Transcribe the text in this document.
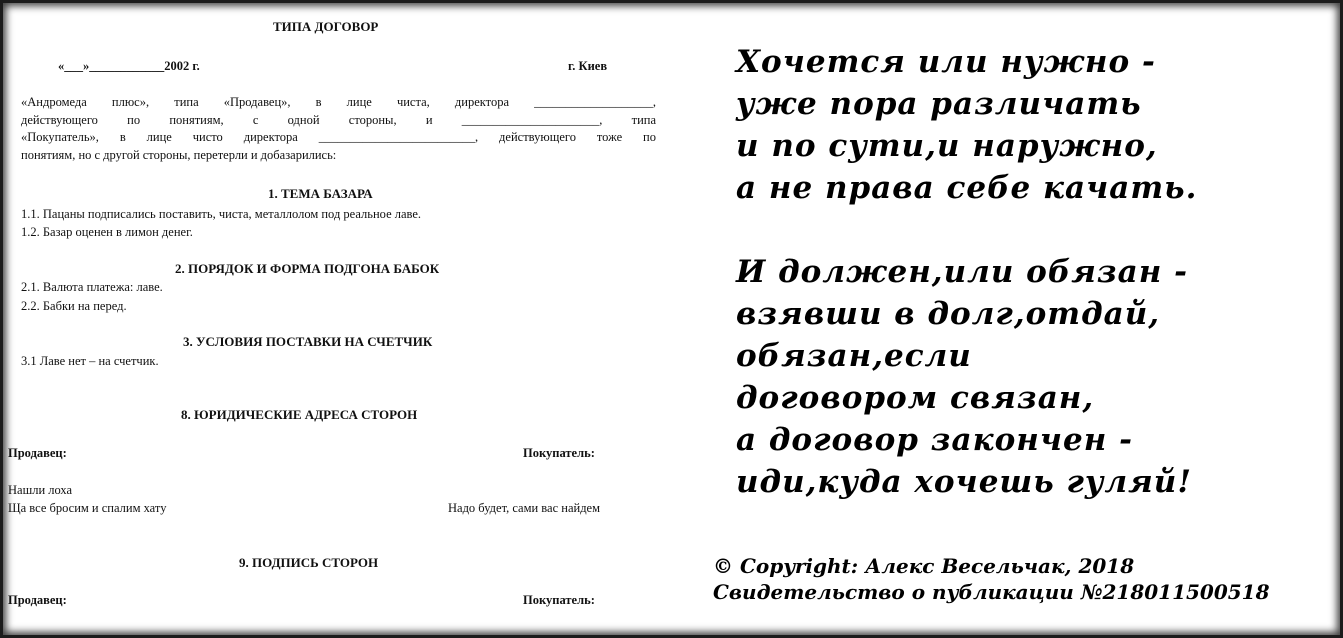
ТИПА ДОГОВОР
«___»____________2002 г.	г. Киев
«Андромеда плюс», типа «Продавец», в лице чиста, директора ___________________,
действующего по понятиям, с одной стороны, и ______________________, типа
«Покупатель», в лице чисто директора _________________________, действующего тоже по
понятиям, но с другой стороны, перетерли и добазарились:
1. ТЕМА БАЗАРА
1.1. Пацаны подписались поставить, чиста, металлолом под реальное лаве.
1.2. Базар оценен в лимон денег.
2. ПОРЯДОК И ФОРМА ПОДГОНА БАБОК
2.1. Валюта платежа: лаве.
2.2. Бабки на перед.
3. УСЛОВИЯ ПОСТАВКИ НА СЧЕТЧИК
3.1 Лаве нет – на счетчик.
8. ЮРИДИЧЕСКИЕ АДРЕСА СТОРОН
Продавец:	Покупатель:
Нашли лоха
Ща все бросим и спалим хату	Надо будет, сами вас найдем
9. ПОДПИСЬ СТОРОН
Продавец:	Покупатель:
Хочется или нужно -
уже пора различать
и по сути,и наружно,
а не права себе качать.
И должен,или обязан -
взявши в долг,отдай,
обязан,если
договором связан,
а договор закончен -
иди,куда хочешь гуляй!
© Copyright: Алекс Весельчак, 2018
Свидетельство о публикации №218011500518
